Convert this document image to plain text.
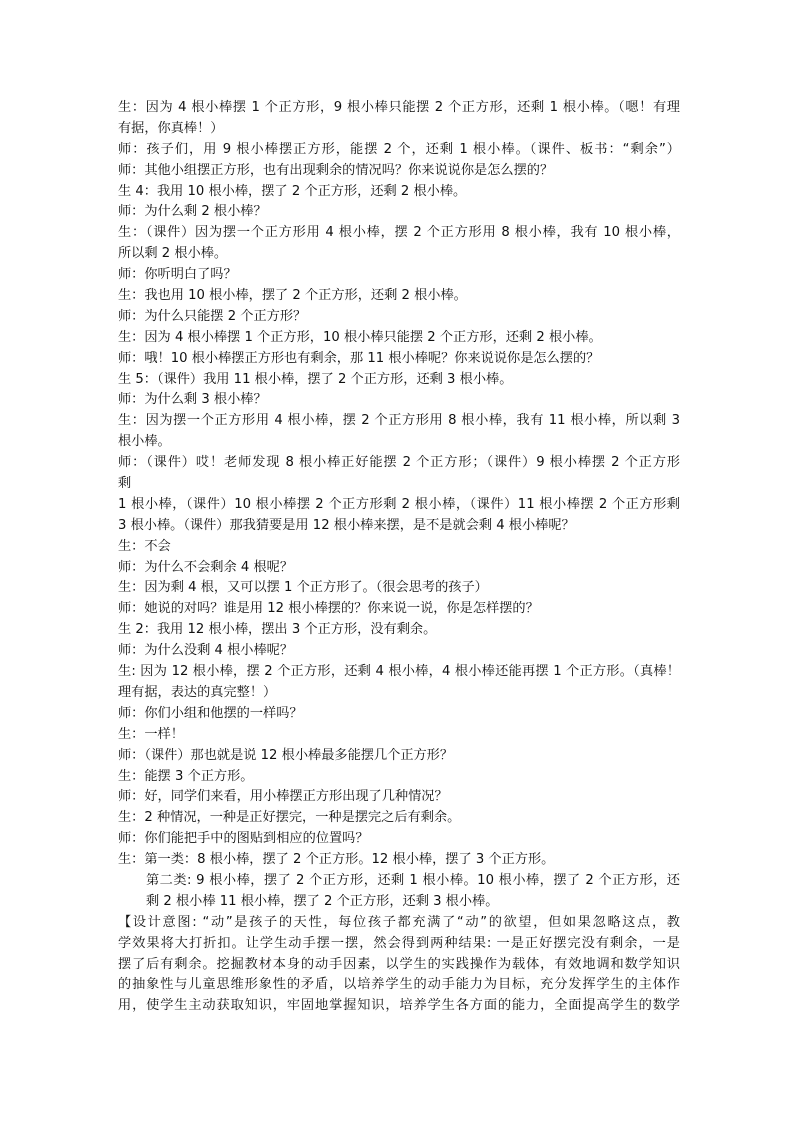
生：因为 4 根小棒摆 1 个正方形，9 根小棒只能摆 2 个正方形，还剩 1 根小棒。（嗯！有理
有据，你真棒！）
师：孩子们，用 9 根小棒摆正方形，能摆 2 个，还剩 1 根小棒。（课件、板书：“剩余”）
师：其他小组摆正方形，也有出现剩余的情况吗？你来说说你是怎么摆的？
生 4：我用 10 根小棒，摆了 2 个正方形，还剩 2 根小棒。
师：为什么剩 2 根小棒？
生：（课件）因为摆一个正方形用 4 根小棒，摆 2 个正方形用 8 根小棒，我有 10 根小棒，
所以剩 2 根小棒。
师：你听明白了吗？
生：我也用 10 根小棒，摆了 2 个正方形，还剩 2 根小棒。
师：为什么只能摆 2 个正方形？
生：因为 4 根小棒摆 1 个正方形，10 根小棒只能摆 2 个正方形，还剩 2 根小棒。
师：哦！10 根小棒摆正方形也有剩余，那 11 根小棒呢？你来说说你是怎么摆的？
生 5：（课件）我用 11 根小棒，摆了 2 个正方形，还剩 3 根小棒。
师：为什么剩 3 根小棒？
生：因为摆一个正方形用 4 根小棒，摆 2 个正方形用 8 根小棒，我有 11 根小棒，所以剩 3
根小棒。
师：（课件）哎！老师发现 8 根小棒正好能摆 2 个正方形；（课件）9 根小棒摆 2 个正方形
剩
1 根小棒，（课件）10 根小棒摆 2 个正方形剩 2 根小棒，（课件）11 根小棒摆 2 个正方形剩
3 根小棒。（课件）那我猜要是用 12 根小棒来摆，是不是就会剩 4 根小棒呢？
生：不会
师：为什么不会剩余 4 根呢？
生：因为剩 4 根，又可以摆 1 个正方形了。（很会思考的孩子）
师：她说的对吗？谁是用 12 根小棒摆的？你来说一说，你是怎样摆的？
生 2：我用 12 根小棒，摆出 3 个正方形，没有剩余。
师：为什么没剩 4 根小棒呢？
生: 因为 12 根小棒，摆 2 个正方形，还剩 4 根小棒，4 根小棒还能再摆 1 个正方形。（真棒！
理有据，表达的真完整！）
师：你们小组和他摆的一样吗？
生：一样！
师：（课件）那也就是说 12 根小棒最多能摆几个正方形？
生：能摆 3 个正方形。
师：好，同学们来看，用小棒摆正方形出现了几种情况？
生：2 种情况，一种是正好摆完，一种是摆完之后有剩余。
师：你们能把手中的图贴到相应的位置吗？
生：第一类：8 根小棒，摆了 2 个正方形。12 根小棒，摆了 3 个正方形。
第二类: 9 根小棒，摆了 2 个正方形，还剩 1 根小棒。10 根小棒，摆了 2 个正方形，还
剩 2 根小棒 11 根小棒，摆了 2 个正方形，还剩 3 根小棒。
【设计意图: “动”是孩子的天性，每位孩子都充满了“动”的欲望，但如果忽略这点，教
学效果将大打折扣。让学生动手摆一摆，然会得到两种结果: 一是正好摆完没有剩余，一是
摆了后有剩余。挖掘教材本身的动手因素，以学生的实践操作为载体，有效地调和数学知识
的抽象性与儿童思维形象性的矛盾，以培养学生的动手能力为目标，充分发挥学生的主体作
用，使学生主动获取知识，牢固地掌握知识，培养学生各方面的能力，全面提高学生的数学
